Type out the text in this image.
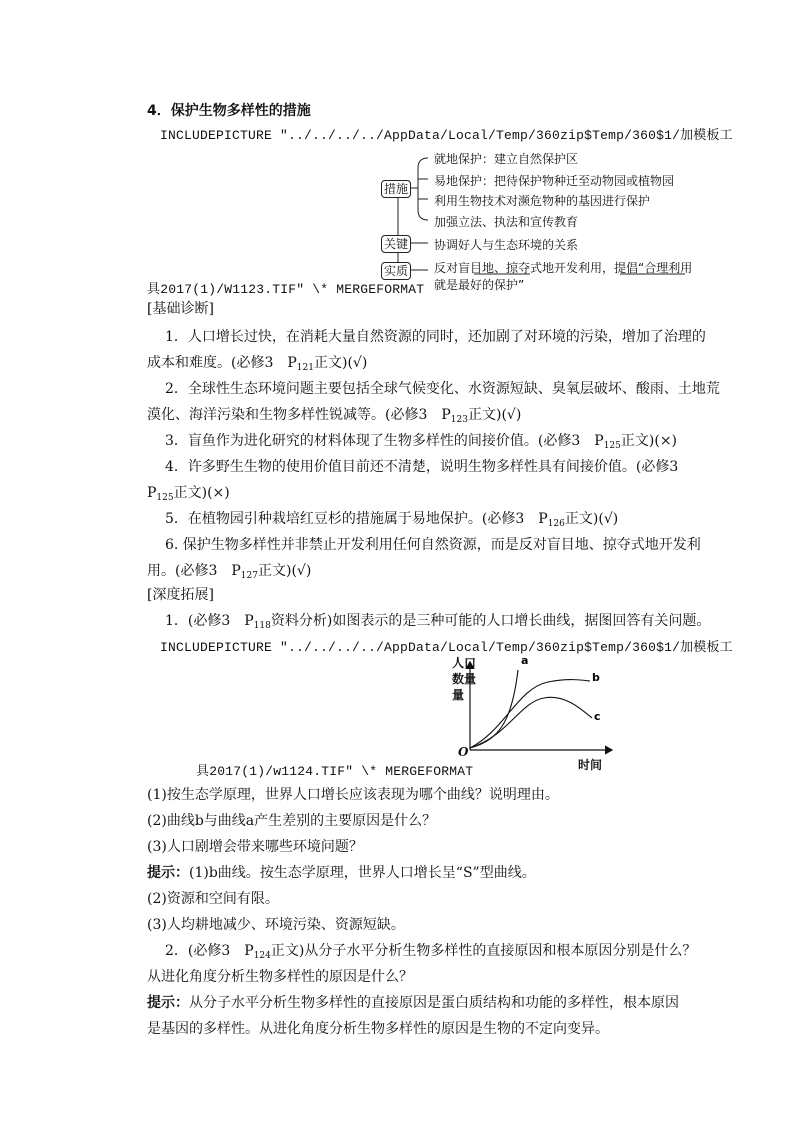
4．保护生物多样性的措施
INCLUDEPICTURE "../../../../AppData/Local/Temp/360zip$Temp/360$1/加模板工
措施
关键
实质
就地保护：建立自然保护区
易地保护：把待保护物种迁至动物园或植物园
利用生物技术对濒危物种的基因进行保护
加强立法、执法和宣传教育
协调好人与生态环境的关系
反对盲目地、掠夺式地开发利用，提倡“合理利用
就是最好的保护”
具2017(1)/W1123.TIF" \* MERGEFORMAT
[基础诊断]
1．人口增长过快，在消耗大量自然资源的同时，还加剧了对环境的污染，增加了治理的
成本和难度。(必修3　$P_{121}$正文)(√)
2．全球性生态环境问题主要包括全球气候变化、水资源短缺、臭氧层破坏、酸雨、土地荒
漠化、海洋污染和生物多样性锐减等。(必修3　$P_{123}$正文)(√)
3．盲鱼作为进化研究的材料体现了生物多样性的间接价值。(必修3　$P_{125}$正文)(×)
4．许多野生生物的使用价值目前还不清楚，说明生物多样性具有间接价值。(必修3
$P_{125}$正文)(×)
5．在植物园引种栽培红豆杉的措施属于易地保护。(必修3　$P_{126}$正文)(√)
6. 保护生物多样性并非禁止开发利用任何自然资源，而是反对盲目地、掠夺式地开发利
用。(必修3　$P_{127}$正文)(√)
[深度拓展]
1．(必修3　$P_{118}$资料分析)如图表示的是三种可能的人口增长曲线，据图回答有关问题。
INCLUDEPICTURE "../../../../AppData/Local/Temp/360zip$Temp/360$1/加模板工
人口
数量
量
O
时间
a
b
c
具2017(1)/w1124.TIF" \* MERGEFORMAT
(1)按生态学原理，世界人口增长应该表现为哪个曲线？说明理由。
(2)曲线b与曲线a产生差别的主要原因是什么？
(3)人口剧增会带来哪些环境问题？
提示：(1)b曲线。按生态学原理，世界人口增长呈“S”型曲线。
(2)资源和空间有限。
(3)人均耕地减少、环境污染、资源短缺。
2．(必修3　$P_{124}$正文)从分子水平分析生物多样性的直接原因和根本原因分别是什么？
从进化角度分析生物多样性的原因是什么？
提示：从分子水平分析生物多样性的直接原因是蛋白质结构和功能的多样性，根本原因
是基因的多样性。从进化角度分析生物多样性的原因是生物的不定向变异。
